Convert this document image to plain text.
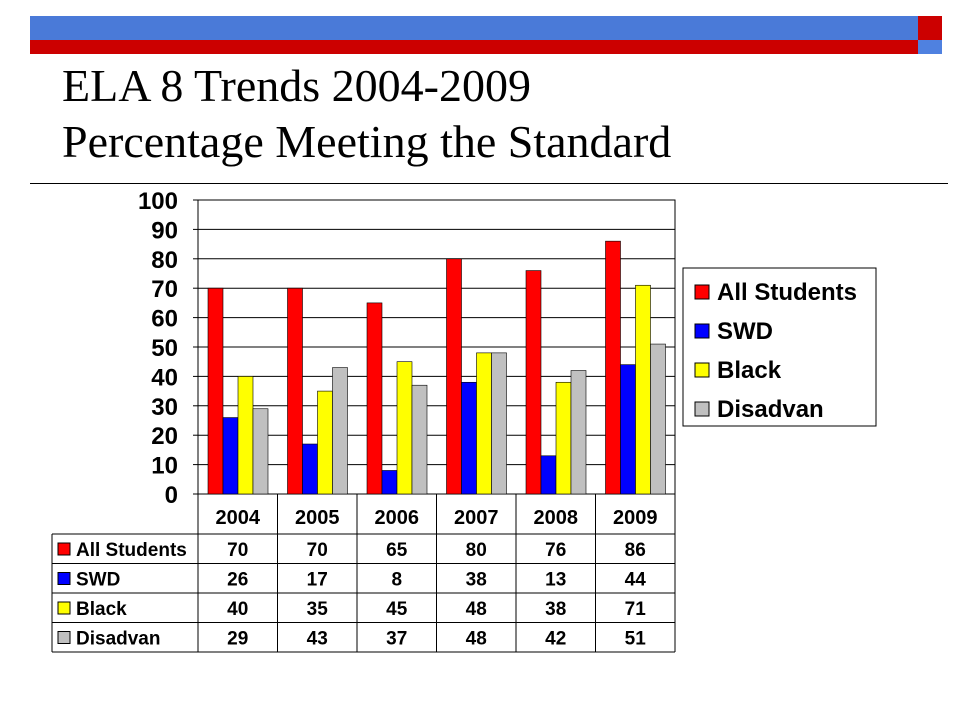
ELA 8 Trends 2004-2009
Percentage Meeting the Standard
0
10
20
30
40
50
60
70
80
90
100
2004 2005 2006 2007 2008 2009
All Students 70	70	65	80	76	86
SWD	26	17	8	38	13	44
Black	40	35	45	48	38	71
Disadvan	29	43	37	48	42	51
All Students
SWD
Black
Disadvan
